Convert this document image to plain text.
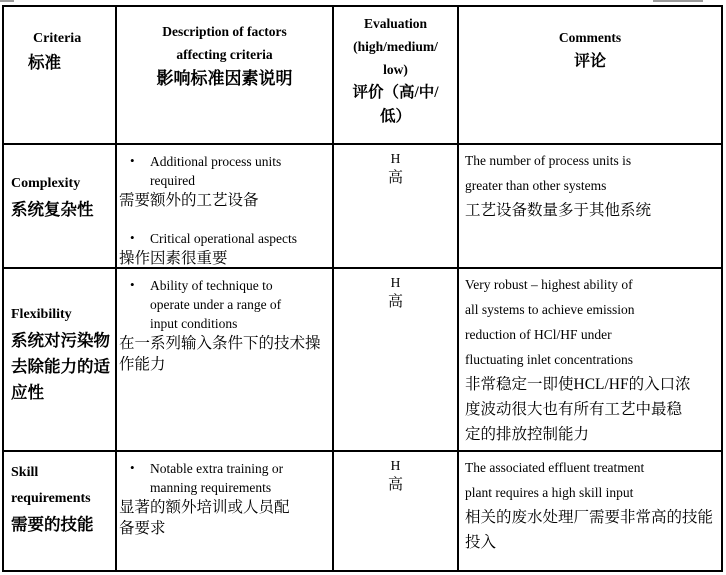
Criteria
标准
Description of factors
affecting criteria
影响标准因素说明
Evaluation
(high/medium/
low)
评价（高/中/
低）
Comments
评论
Complexity
系统复杂性
• Additional process units
required
需要额外的工艺设备
• Critical operational aspects
操作因素很重要
H
高
The number of process units is
greater than other systems
工艺设备数量多于其他系统
Flexibility
系统对污染物
去除能力的适
应性
• Ability of technique to
operate under a range of
input conditions
在一系列输入条件下的技术操
作能力
H
高
Very robust – highest ability of
all systems to achieve emission
reduction of HCl/HF under
fluctuating inlet concentrations
非常稳定一即使HCL/HF的入口浓
度波动很大也有所有工艺中最稳
定的排放控制能力
Skill
requirements
需要的技能
• Notable extra training or
manning requirements
显著的额外培训或人员配
备要求
H
高
The associated effluent treatment
plant requires a high skill input
相关的废水处理厂需要非常高的技能
投入
